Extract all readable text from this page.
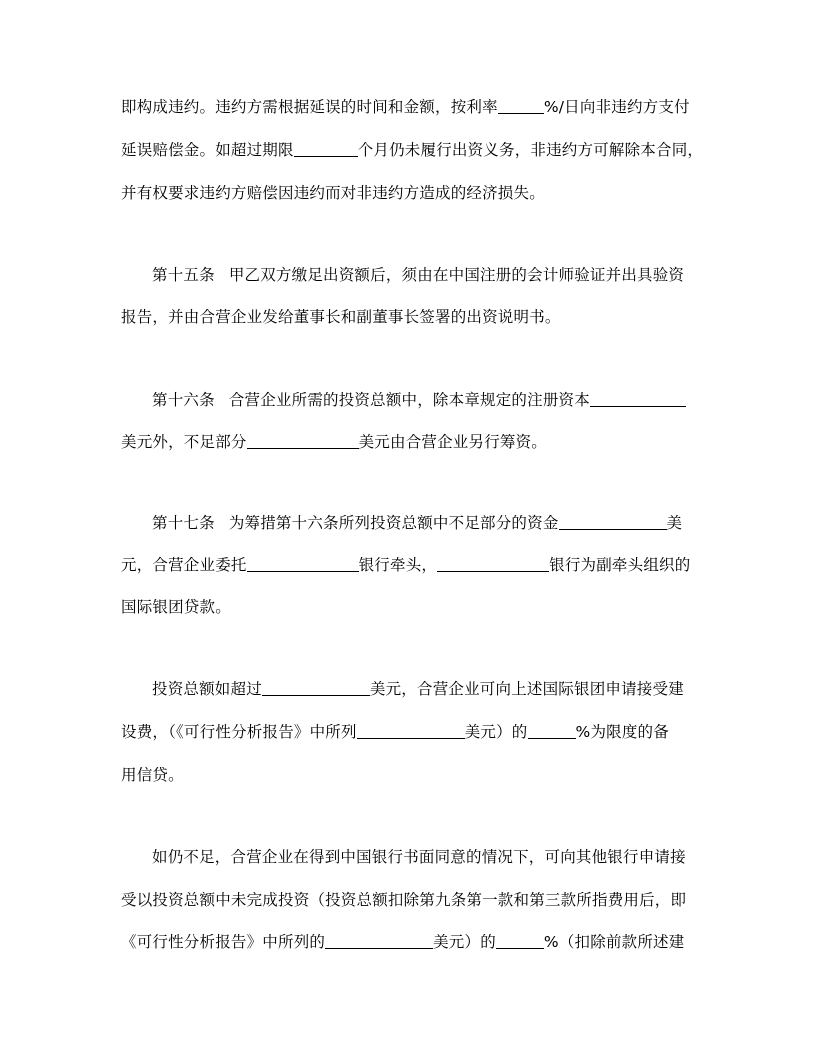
即构成违约。违约方需根据延误的时间和金额，按利率	%/日向非违约方支付
延误赔偿金。如超过期限	个月仍未履行出资义务，非违约方可解除本合同，
并有权要求违约方赔偿因违约而对非违约方造成的经济损失。
第十五条 甲乙双方缴足出资额后，须由在中国注册的会计师验证并出具验资
报告，并由合营企业发给董事长和副董事长签署的出资说明书。
第十六条 合营企业所需的投资总额中，除本章规定的注册资本
美元外，不足部分	美元由合营企业另行筹资。
第十七条 为筹措第十六条所列投资总额中不足部分的资金	美
元，合营企业委托	银行牵头，	银行为副牵头组织的
国际银团贷款。
投资总额如超过	美元，合营企业可向上述国际银团申请接受建
设费，（《可行性分析报告》中所列	美元）的	%为限度的备
用信贷。
如仍不足，合营企业在得到中国银行书面同意的情况下，可向其他银行申请接
受以投资总额中未完成投资（投资总额扣除第九条第一款和第三款所指费用后，即
《可行性分析报告》中所列的	美元）的	%（扣除前款所述建
